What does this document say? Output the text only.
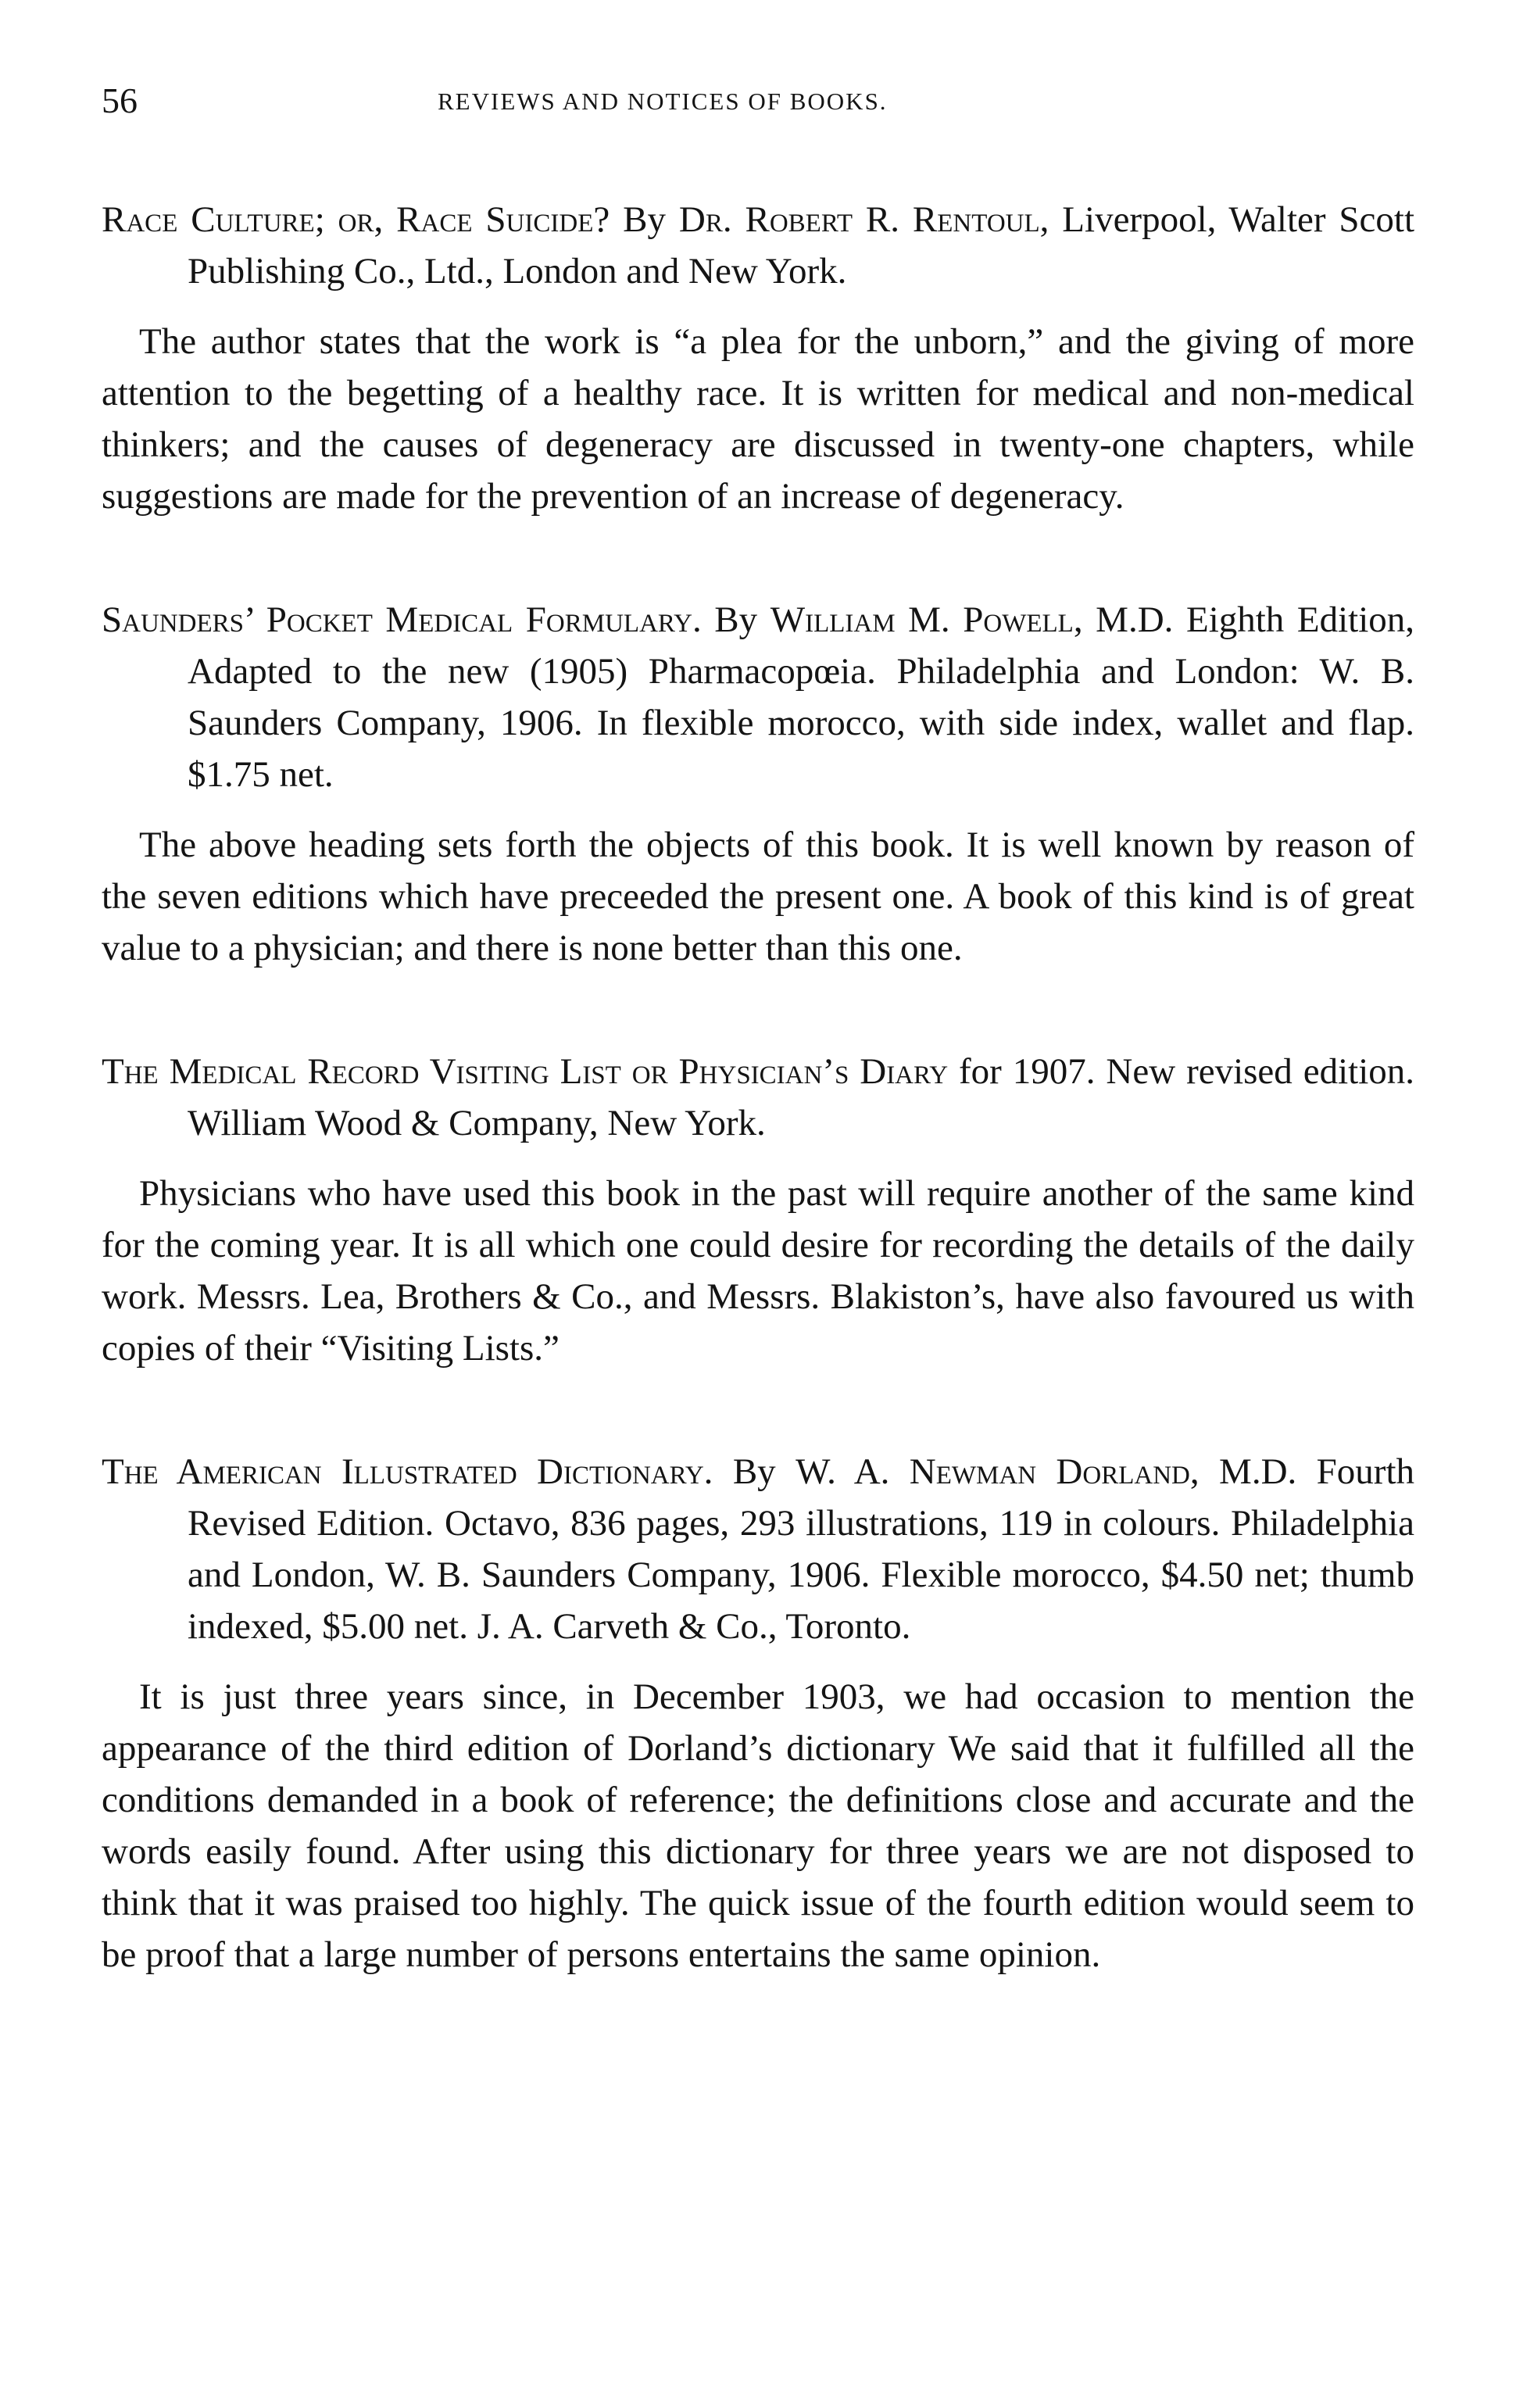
56	REVIEWS AND NOTICES OF BOOKS.

Race Culture; or, Race Suicide? By Dr. Robert R. Rentoul, Liverpool, Walter Scott Publishing Co., Ltd., London and New York.

The author states that the work is “a plea for the unborn,” and the giving of more attention to the begetting of a healthy race. It is written for medical and non-medical thinkers; and the causes of degeneracy are discussed in twenty-one chapters, while suggestions are made for the prevention of an increase of degeneracy.

Saunders’ Pocket Medical Formulary. By William M. Powell, M.D. Eighth Edition, Adapted to the new (1905) Pharmacopœia. Philadelphia and London: W. B. Saunders Company, 1906. In flexible morocco, with side index, wallet and flap. $1.75 net.

The above heading sets forth the objects of this book. It is well known by reason of the seven editions which have preceeded the present one. A book of this kind is of great value to a physician; and there is none better than this one.

The Medical Record Visiting List or Physician’s Diary for 1907. New revised edition. William Wood & Company, New York.

Physicians who have used this book in the past will require another of the same kind for the coming year. It is all which one could desire for recording the details of the daily work. Messrs. Lea, Brothers & Co., and Messrs. Blakiston’s, have also favoured us with copies of their “Visiting Lists.”

The American Illustrated Dictionary. By W. A. Newman Dorland, M.D. Fourth Revised Edition. Octavo, 836 pages, 293 illustrations, 119 in colours. Philadelphia and London, W. B. Saunders Company, 1906. Flexible morocco, $4.50 net; thumb indexed, $5.00 net. J. A. Carveth & Co., Toronto.

It is just three years since, in December 1903, we had occasion to mention the appearance of the third edition of Dorland’s dictionary We said that it fulfilled all the conditions demanded in a book of reference; the definitions close and accurate and the words easily found. After using this dictionary for three years we are not disposed to think that it was praised too highly. The quick issue of the fourth edition would seem to be proof that a large number of persons entertains the same opinion.
